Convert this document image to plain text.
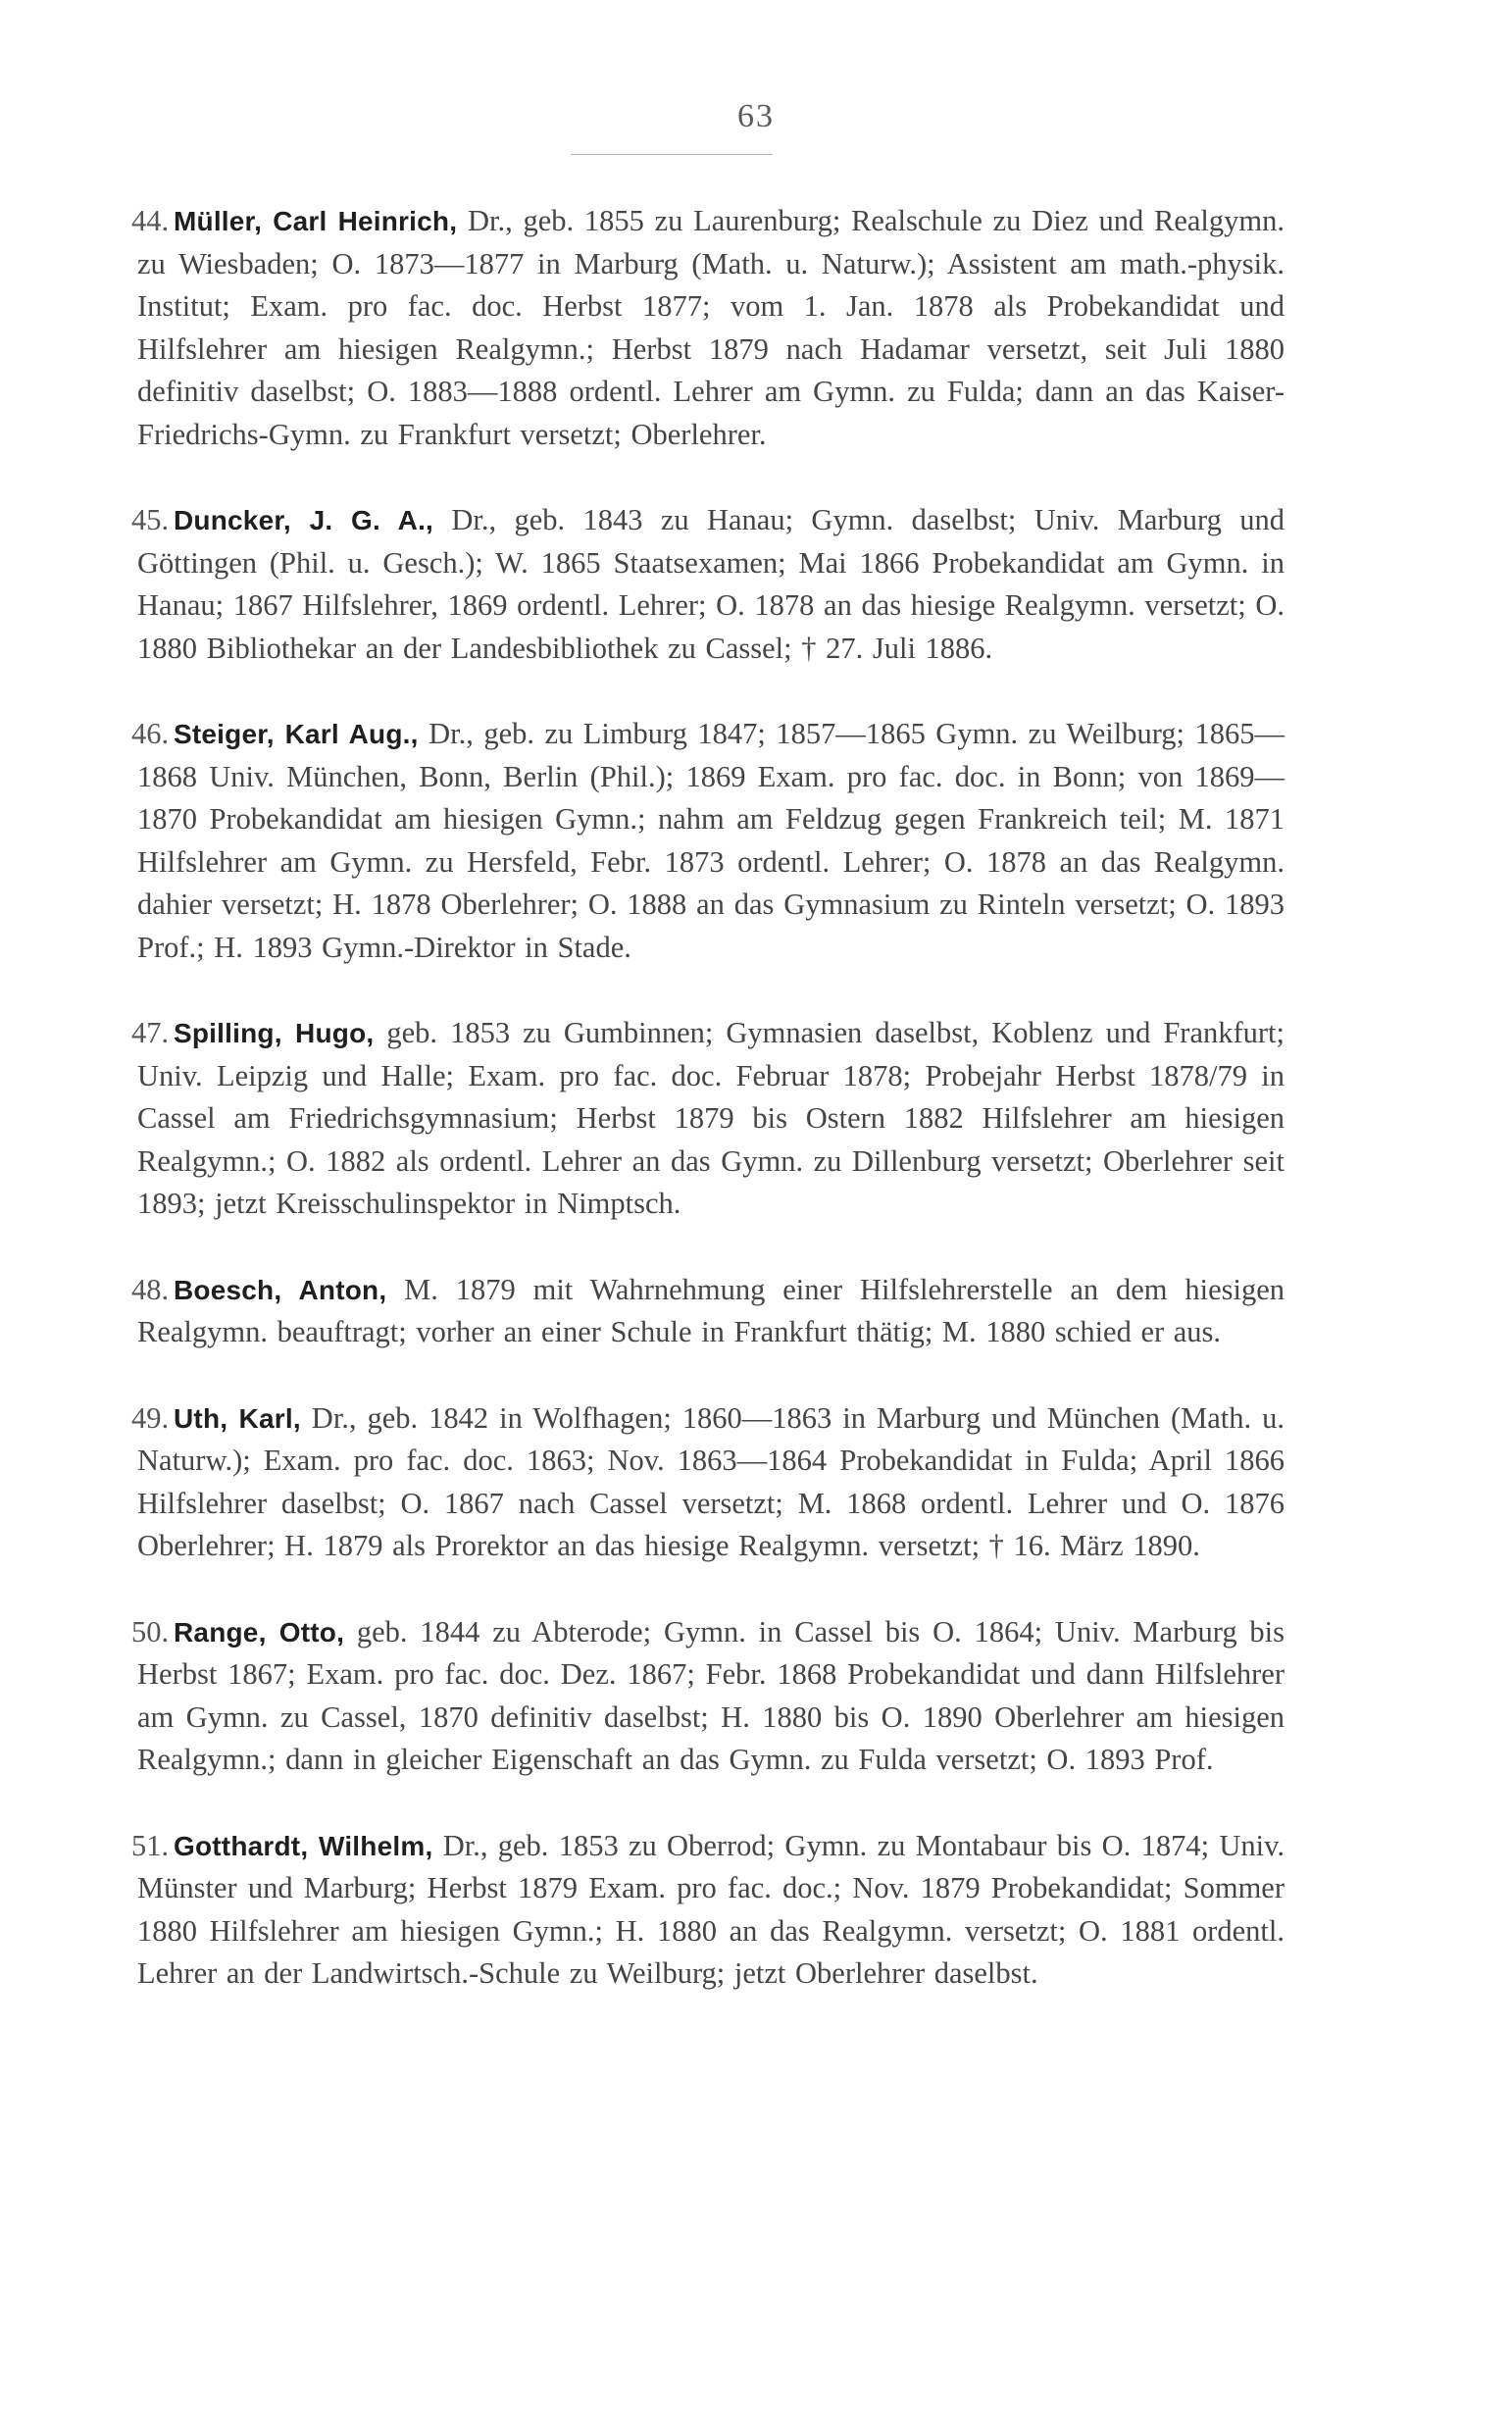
63
44. Müller, Carl Heinrich, Dr., geb. 1855 zu Laurenburg; Realschule zu Diez und Realgymn. zu Wiesbaden; O. 1873—1877 in Marburg (Math. u. Naturw.); Assistent am math.-physik. Institut; Exam. pro fac. doc. Herbst 1877; vom 1. Jan. 1878 als Probekandidat und Hilfslehrer am hiesigen Realgymn.; Herbst 1879 nach Hadamar versetzt, seit Juli 1880 definitiv daselbst; O. 1883—1888 ordentl. Lehrer am Gymn. zu Fulda; dann an das Kaiser-Friedrichs-Gymn. zu Frankfurt versetzt; Oberlehrer.
45. Duncker, J. G. A., Dr., geb. 1843 zu Hanau; Gymn. daselbst; Univ. Marburg und Göttingen (Phil. u. Gesch.); W. 1865 Staatsexamen; Mai 1866 Probekandidat am Gymn. in Hanau; 1867 Hilfslehrer, 1869 ordentl. Lehrer; O. 1878 an das hiesige Realgymn. versetzt; O. 1880 Bibliothekar an der Landesbibliothek zu Cassel; † 27. Juli 1886.
46. Steiger, Karl Aug., Dr., geb. zu Limburg 1847; 1857—1865 Gymn. zu Weilburg; 1865—1868 Univ. München, Bonn, Berlin (Phil.); 1869 Exam. pro fac. doc. in Bonn; von 1869—1870 Probekandidat am hiesigen Gymn.; nahm am Feldzug gegen Frankreich teil; M. 1871 Hilfslehrer am Gymn. zu Hersfeld, Febr. 1873 ordentl. Lehrer; O. 1878 an das Realgymn. dahier versetzt; H. 1878 Oberlehrer; O. 1888 an das Gymnasium zu Rinteln versetzt; O. 1893 Prof.; H. 1893 Gymn.-Direktor in Stade.
47. Spilling, Hugo, geb. 1853 zu Gumbinnen; Gymnasien daselbst, Koblenz und Frankfurt; Univ. Leipzig und Halle; Exam. pro fac. doc. Februar 1878; Probejahr Herbst 1878/79 in Cassel am Friedrichsgymnasium; Herbst 1879 bis Ostern 1882 Hilfslehrer am hiesigen Realgymn.; O. 1882 als ordentl. Lehrer an das Gymn. zu Dillenburg versetzt; Oberlehrer seit 1893; jetzt Kreisschulinspektor in Nimptsch.
48. Boesch, Anton, M. 1879 mit Wahrnehmung einer Hilfslehrerstelle an dem hiesigen Realgymn. beauftragt; vorher an einer Schule in Frankfurt thätig; M. 1880 schied er aus.
49. Uth, Karl, Dr., geb. 1842 in Wolfhagen; 1860—1863 in Marburg und München (Math. u. Naturw.); Exam. pro fac. doc. 1863; Nov. 1863—1864 Probekandidat in Fulda; April 1866 Hilfslehrer daselbst; O. 1867 nach Cassel versetzt; M. 1868 ordentl. Lehrer und O. 1876 Oberlehrer; H. 1879 als Prorektor an das hiesige Realgymn. versetzt; † 16. März 1890.
50. Range, Otto, geb. 1844 zu Abterode; Gymn. in Cassel bis O. 1864; Univ. Marburg bis Herbst 1867; Exam. pro fac. doc. Dez. 1867; Febr. 1868 Probekandidat und dann Hilfslehrer am Gymn. zu Cassel, 1870 definitiv daselbst; H. 1880 bis O. 1890 Oberlehrer am hiesigen Realgymn.; dann in gleicher Eigenschaft an das Gymn. zu Fulda versetzt; O. 1893 Prof.
51. Gotthardt, Wilhelm, Dr., geb. 1853 zu Oberrod; Gymn. zu Montabaur bis O. 1874; Univ. Münster und Marburg; Herbst 1879 Exam. pro fac. doc.; Nov. 1879 Probekandidat; Sommer 1880 Hilfslehrer am hiesigen Gymn.; H. 1880 an das Realgymn. versetzt; O. 1881 ordentl. Lehrer an der Landwirtsch.-Schule zu Weilburg; jetzt Oberlehrer daselbst.
